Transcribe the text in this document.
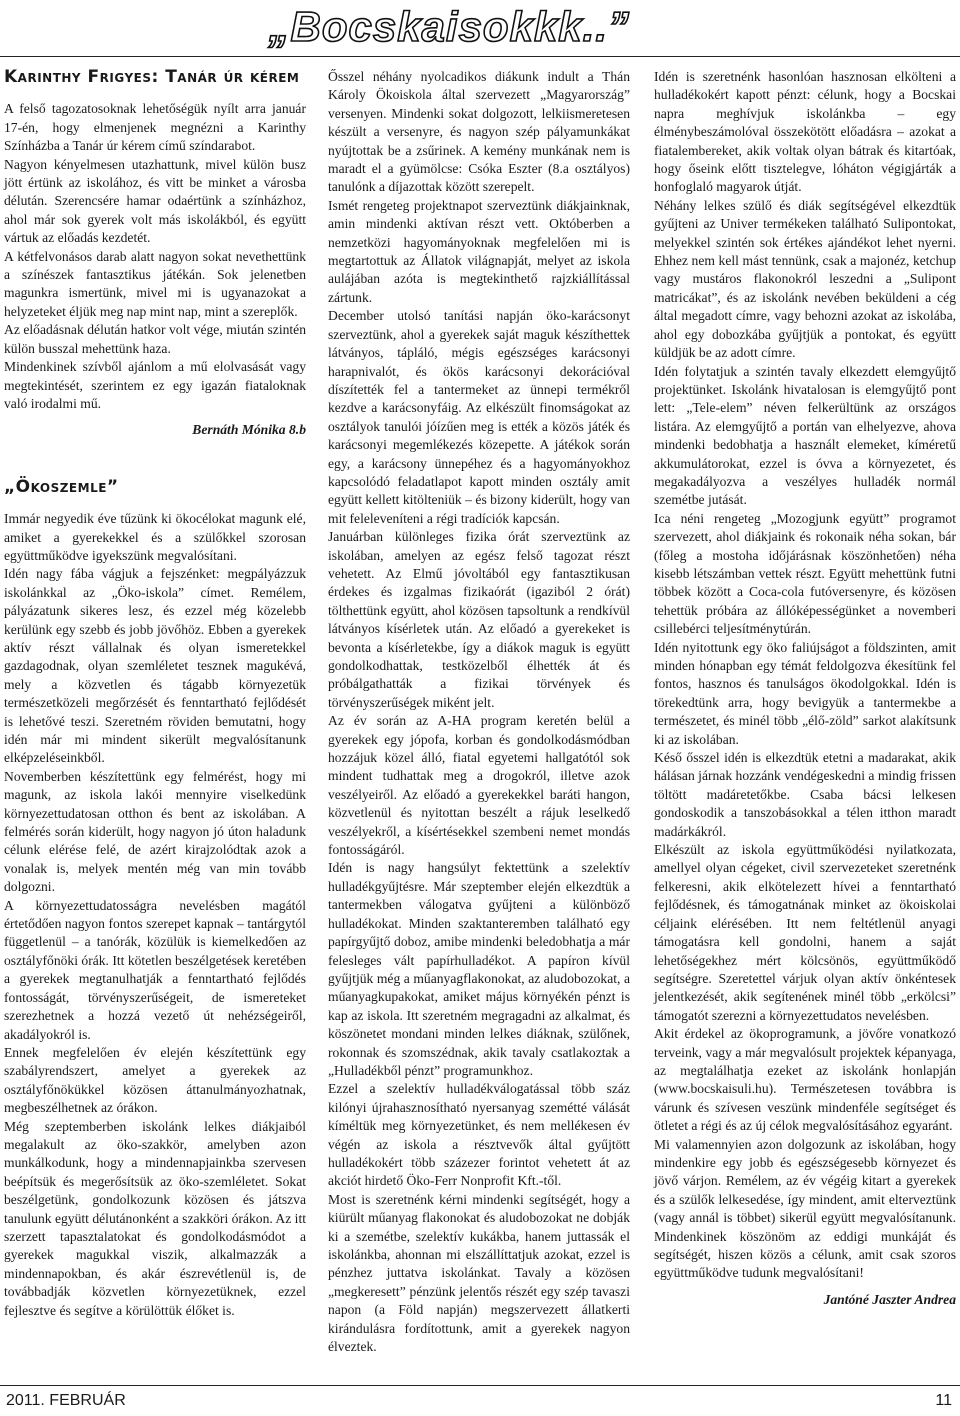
„Bocskaisokkk..”
Karinthy Frigyes: Tanár úr kérem

A felső tagozatosoknak lehetőségük nyílt arra január 17-én, hogy elmenjenek megnézni a Karinthy Színházba a Tanár úr kérem című színdarabot.

Nagyon kényelmesen utazhattunk, mivel külön busz jött értünk az iskolához, és vitt be minket a városba délután. Szerencsére hamar odaértünk a színházhoz, ahol már sok gyerek volt más iskolákból, és együtt vártuk az előadás kezdetét.

A kétfelvonásos darab alatt nagyon sokat nevethettünk a színészek fantasztikus játékán. Sok jelenetben magunkra ismertünk, mivel mi is ugyanazokat a helyzeteket éljük meg nap mint nap, mint a szereplők.

Az előadásnak délután hatkor volt vége, miután szintén külön busszal mehettünk haza.

Mindenkinek szívből ajánlom a mű elolvasását vagy megtekintését, szerintem ez egy igazán fiataloknak való irodalmi mű.

Bernáth Mónika 8.b
„Ökoszemle”

Immár negyedik éve tűzünk ki ökocélokat magunk elé, amiket a gyerekekkel és a szülőkkel szorosan együttműködve igyekszünk megvalósítani.

Idén nagy fába vágjuk a fejszénket: megpályázzuk iskolánkkal az „Öko-iskola” címet. Remélem, pályázatunk sikeres lesz, és ezzel még közelebb kerülünk egy szebb és jobb jövőhöz. Ebben a gyerekek aktív részt vállalnak és olyan ismeretekkel gazdagodnak, olyan szemléletet tesznek magukévá, mely a közvetlen és tágabb környezetük természetközeli megőrzését és fenntartható fejlődését is lehetővé teszi. Szeretném röviden bemutatni, hogy idén már mi mindent sikerült megvalósítanunk elképzeléseinkből.

Novemberben készítettünk egy felmérést, hogy mi magunk, az iskola lakói mennyire viselkedünk környezettudatosan otthon és bent az iskolában. A felmérés során kiderült, hogy nagyon jó úton haladunk célunk elérése felé, de azért kirajzolódtak azok a vonalak is, melyek mentén még van min tovább dolgozni.

A környezettudatosságra nevelésben magától értetődően nagyon fontos szerepet kapnak – tantárgytól függetlenül – a tanórák, közülük is kiemelkedően az osztályfőnöki órák. Itt kötetlen beszélgetések keretében a gyerekek megtanulhatják a fenntartható fejlődés fontosságát, törvényszerűségeit, de ismereteket szerezhetnek a hozzá vezető út nehézségeiről, akadályokról is.

Ennek megfelelően év elején készítettünk egy szabályrendszert, amelyet a gyerekek az osztályfőnökükkel közösen áttanulmányozhatnak, megbeszélhetnek az órákon.

Még szeptemberben iskolánk lelkes diákjaiból megalakult az öko-szakkör, amelyben azon munkálkodunk, hogy a mindennapjainkba szervesen beépítsük és megerősítsük az öko-szemléletet. Sokat beszélgetünk, gondolkozunk közösen és játszva tanulunk együtt délutánonként a szakköri órákon. Az itt szerzett tapasztalatokat és gondolkodásmódot a gyerekek magukkal viszik, alkalmazzák a mindennapokban, és akár észrevétlenül is, de továbbadják közvetlen környezetüknek, ezzel fejlesztve és segítve a körülöttük élőket is.

Ősszel néhány nyolcadikos diákunk indult a Thán Károly Ökoiskola által szervezett „Magyarország” versenyen. Mindenki sokat dolgozott, lelkiismeretesen készült a versenyre, és nagyon szép pályamunkákat nyújtottak be a zsűrinek. A kemény munkának nem is maradt el a gyümölcse: Csóka Eszter (8.a osztályos) tanulónk a díjazottak között szerepelt.

Ismét rengeteg projektnapot szerveztünk diákjainknak, amin mindenki aktívan részt vett. Októberben a nemzetközi hagyományoknak megfelelően mi is megtartottuk az Állatok világnapját, melyet az iskola aulájában azóta is megtekinthető rajzkiállítással zártunk.

December utolsó tanítási napján öko-karácsonyt szerveztünk, ahol a gyerekek saját maguk készíthettek látványos, tápláló, mégis egészséges karácsonyi harapnivalót, és ökös karácsonyi dekorációval díszítették fel a tantermeket az ünnepi termékről kezdve a karácsonyfáig. Az elkészült finomságokat az osztályok tanulói jóízűen meg is ették a közös játék és karácsonyi megemlékezés közepette. A játékok során egy, a karácsony ünnepéhez és a hagyományokhoz kapcsolódó feladatlapot kapott minden osztály amit együtt kellett kitölteniük – és bizony kiderült, hogy van mit feleleveníteni a régi tradíciók kapcsán.

Januárban különleges fizika órát szerveztünk az iskolában, amelyen az egész felső tagozat részt vehetett. Az Elmű jóvoltából egy fantasztikusan érdekes és izgalmas fizikaórát (igaziból 2 órát) tölthettünk együtt, ahol közösen tapsoltunk a rendkívül látványos kísérletek után. Az előadó a gyerekeket is bevonta a kísérletekbe, így a diákok maguk is együtt gondolkodhattak, testközelből élhették át és próbálgathatták a fizikai törvények és törvényszerűségek miként jelt.

Az év során az A-HA program keretén belül a gyerekek egy jópofa, korban és gondolkodásmódban hozzájuk közel álló, fiatal egyetemi hallgatótól sok mindent tudhattak meg a drogokról, illetve azok veszélyeiről. Az előadó a gyerekekkel baráti hangon, közvetlenül és nyitottan beszélt a rájuk leselkedő veszélyekről, a kísértésekkel szembeni nemet mondás fontosságáról.

Idén is nagy hangsúlyt fektettünk a szelektív hulladékgyűjtésre. Már szeptember elején elkezdtük a tantermekben válogatva gyűjteni a különböző hulladékokat. Minden szaktanteremben található egy papírgyűjtő doboz, amibe mindenki beledobhatja a már felesleges vált papírhulladékot. A papíron kívül gyűjtjük még a műanyagflakonokat, az aludobozokat, a műanyagkupakokat, amiket május környékén pénzt is kap az iskola. Itt szeretném megragadni az alkalmat, és köszönetet mondani minden lelkes diáknak, szülőnek, rokonnak és szomszédnak, akik tavaly csatlakoztak a „Hulladékből pénzt” programunkhoz.

Ezzel a szelektív hulladékválogatással több száz kilónyi újrahasznosítható nyersanyag szemétté válását kíméltük meg környezetünket, és nem mellékesen év végén az iskola a résztvevők által gyűjtött hulladékokért több százezer forintot vehetett át az akciót hirdető Öko-Ferr Nonprofit Kft.-től.

Most is szeretnénk kérni mindenki segítségét, hogy a kiürült műanyag flakonokat és aludobozokat ne dobják ki a szemétbe, szelektív kukákba, hanem juttassák el iskolánkba, ahonnan mi elszállíttatjuk azokat, ezzel is pénzhez juttatva iskolánkat. Tavaly a közösen „megkeresett” pénzünk jelentős részét egy szép tavaszi napon (a Föld napján) megszervezett állatkerti kirándulásra fordítottunk, amit a gyerekek nagyon élveztek.

Idén is szeretnénk hasonlóan hasznosan elkölteni a hulladékokért kapott pénzt: célunk, hogy a Bocskai napra meghívjuk iskolánkba – egy élménybeszámolóval összekötött előadásra – azokat a fiatalembereket, akik voltak olyan bátrak és kitartóak, hogy őseink előtt tisztelegve, lóháton végigjárták a honfoglaló magyarok útját.

Néhány lelkes szülő és diák segítségével elkezdtük gyűjteni az Univer termékeken található Sulipontokat, melyekkel szintén sok értékes ajándékot lehet nyerni. Ehhez nem kell mást tennünk, csak a majonéz, ketchup vagy mustáros flakonokról leszedni a „Sulipont matricákat”, és az iskolánk nevében beküldeni a cég által megadott címre, vagy behozni azokat az iskolába, ahol egy dobozkába gyűjtjük a pontokat, és együtt küldjük be az adott címre.

Idén folytatjuk a szintén tavaly elkezdett elemgyűjtő projektünket. Iskolánk hivatalosan is elemgyűjtő pont lett: „Tele-elem” néven felkerültünk az országos listára. Az elemgyűjtő a portán van elhelyezve, ahova mindenki bedobhatja a használt elemeket, kíméretű akkumulátorokat, ezzel is óvva a környezetet, és megakadályozva a veszélyes hulladék normál szemétbe jutását.

Ica néni rengeteg „Mozogjunk együtt” programot szervezett, ahol diákjaink és rokonaik néha sokan, bár (főleg a mostoha időjárásnak köszönhetően) néha kisebb létszámban vettek részt. Együtt mehettünk futni többek között a Coca-cola futóversenyre, és közösen tehettük próbára az állóképességünket a novemberi csillebérci teljesítménytúrán.

Idén nyitottunk egy öko faliújságot a földszinten, amit minden hónapban egy témát feldolgozva ékesítünk fel fontos, hasznos és tanulságos ökodolgokkal. Idén is törekedtünk arra, hogy bevigyük a tantermekbe a természetet, és minél több „élő-zöld” sarkot alakítsunk ki az iskolában.

Késő ősszel idén is elkezdtük etetni a madarakat, akik hálásan járnak hozzánk vendégeskedni a mindig frissen töltött madáretetőkbe. Csaba bácsi lelkesen gondoskodik a tanszobásokkal a télen itthon maradt madárkákról.

Elkészült az iskola együttműködési nyilatkozata, amellyel olyan cégeket, civil szervezeteket szeretnénk felkeresni, akik elkötelezett hívei a fenntartható fejlődésnek, és támogatnának minket az ökoiskolai céljaink elérésében. Itt nem feltétlenül anyagi támogatásra kell gondolni, hanem a saját lehetőségekhez mért kölcsönös, együttműködő segítségre. Szeretettel várjuk olyan aktív önkéntesek jelentkezését, akik segítenének minél több „erkölcsi” támogatót szerezni a környezettudatos nevelésben.

Akit érdekel az ökoprogramunk, a jövőre vonatkozó terveink, vagy a már megvalósult projektek képanyaga, az megtalálhatja ezeket az iskolánk honlapján (www.bocskaisuli.hu). Természetesen továbbra is várunk és szívesen veszünk mindenféle segítséget és ötletet a régi és az új célok megvalósításához egyaránt.

Mi valamennyien azon dolgozunk az iskolában, hogy mindenkire egy jobb és egészségesebb környezet és jövő várjon. Remélem, az év végéig kitart a gyerekek és a szülők lelkesedése, így mindent, amit elterveztünk (vagy annál is többet) sikerül együtt megvalósítanunk. Mindenkinek köszönöm az eddigi munkáját és segítségét, hiszen közös a célunk, amit csak szoros együttműködve tudunk megvalósítani!

Jantóné Jaszter Andrea
2011. FEBRUÁR	11
